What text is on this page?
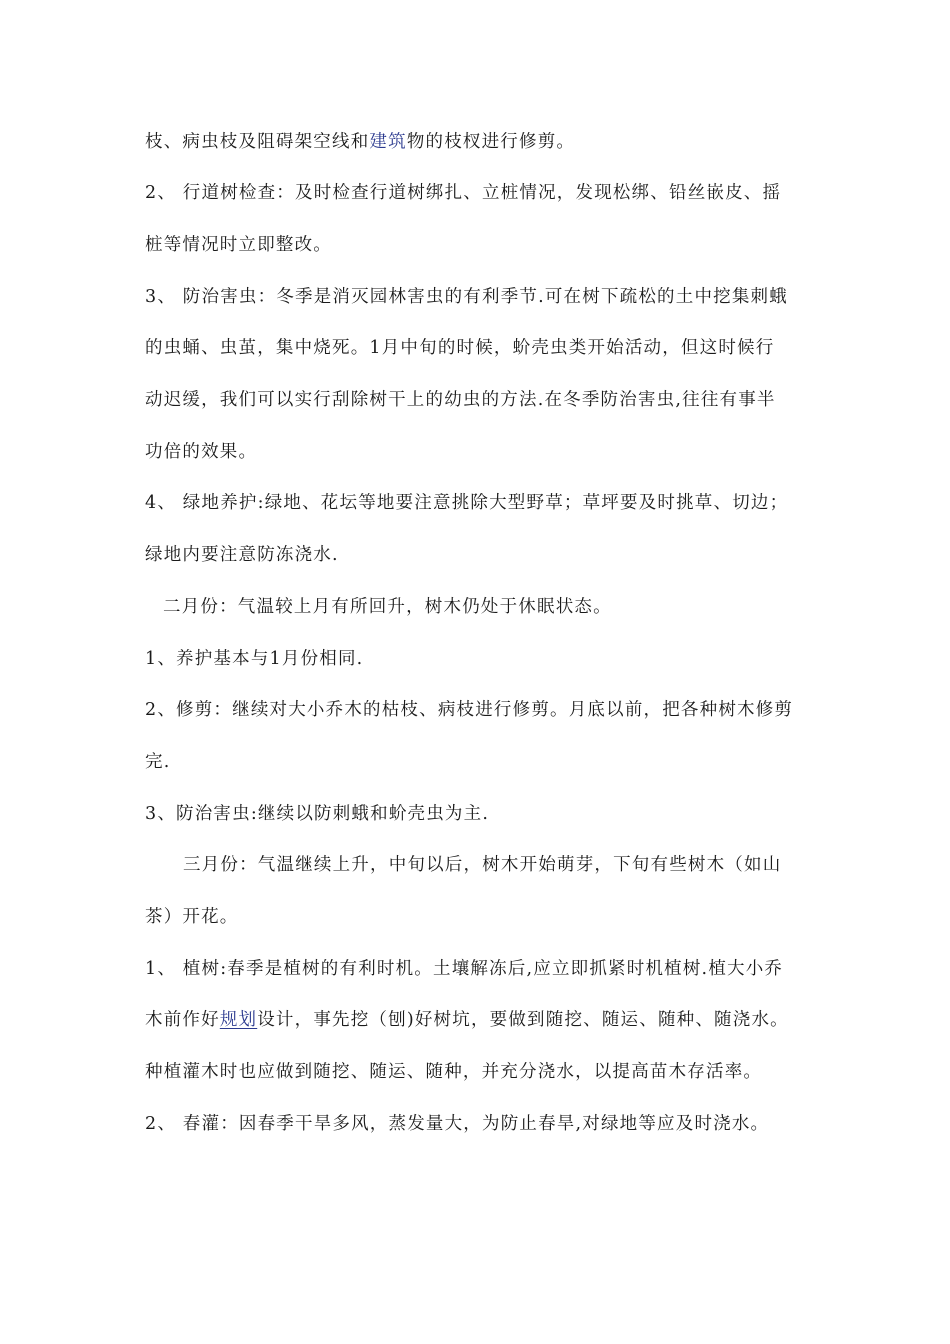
枝、病虫枝及阻碍架空线和建筑物的枝杈进行修剪。
2、 行道树检查：及时检查行道树绑扎、立桩情况，发现松绑、铅丝嵌皮、摇
桩等情况时立即整改。
3、 防治害虫：冬季是消灭园林害虫的有利季节.可在树下疏松的土中挖集刺蛾
的虫蛹、虫茧，集中烧死。1月中旬的时候，蚧壳虫类开始活动，但这时候行
动迟缓，我们可以实行刮除树干上的幼虫的方法.在冬季防治害虫,往往有事半
功倍的效果。
4、 绿地养护:绿地、花坛等地要注意挑除大型野草；草坪要及时挑草、切边；
绿地内要注意防冻浇水.
二月份：气温较上月有所回升，树木仍处于休眠状态。
1、养护基本与1月份相同.
2、修剪：继续对大小乔木的枯枝、病枝进行修剪。月底以前，把各种树木修剪
完.
3、防治害虫:继续以防刺蛾和蚧壳虫为主.
三月份：气温继续上升，中旬以后，树木开始萌芽，下旬有些树木（如山
茶）开花。
1、 植树:春季是植树的有利时机。土壤解冻后,应立即抓紧时机植树.植大小乔
木前作好规划设计，事先挖（刨)好树坑，要做到随挖、随运、随种、随浇水。
种植灌木时也应做到随挖、随运、随种，并充分浇水，以提高苗木存活率。
2、 春灌：因春季干旱多风，蒸发量大，为防止春旱,对绿地等应及时浇水。
